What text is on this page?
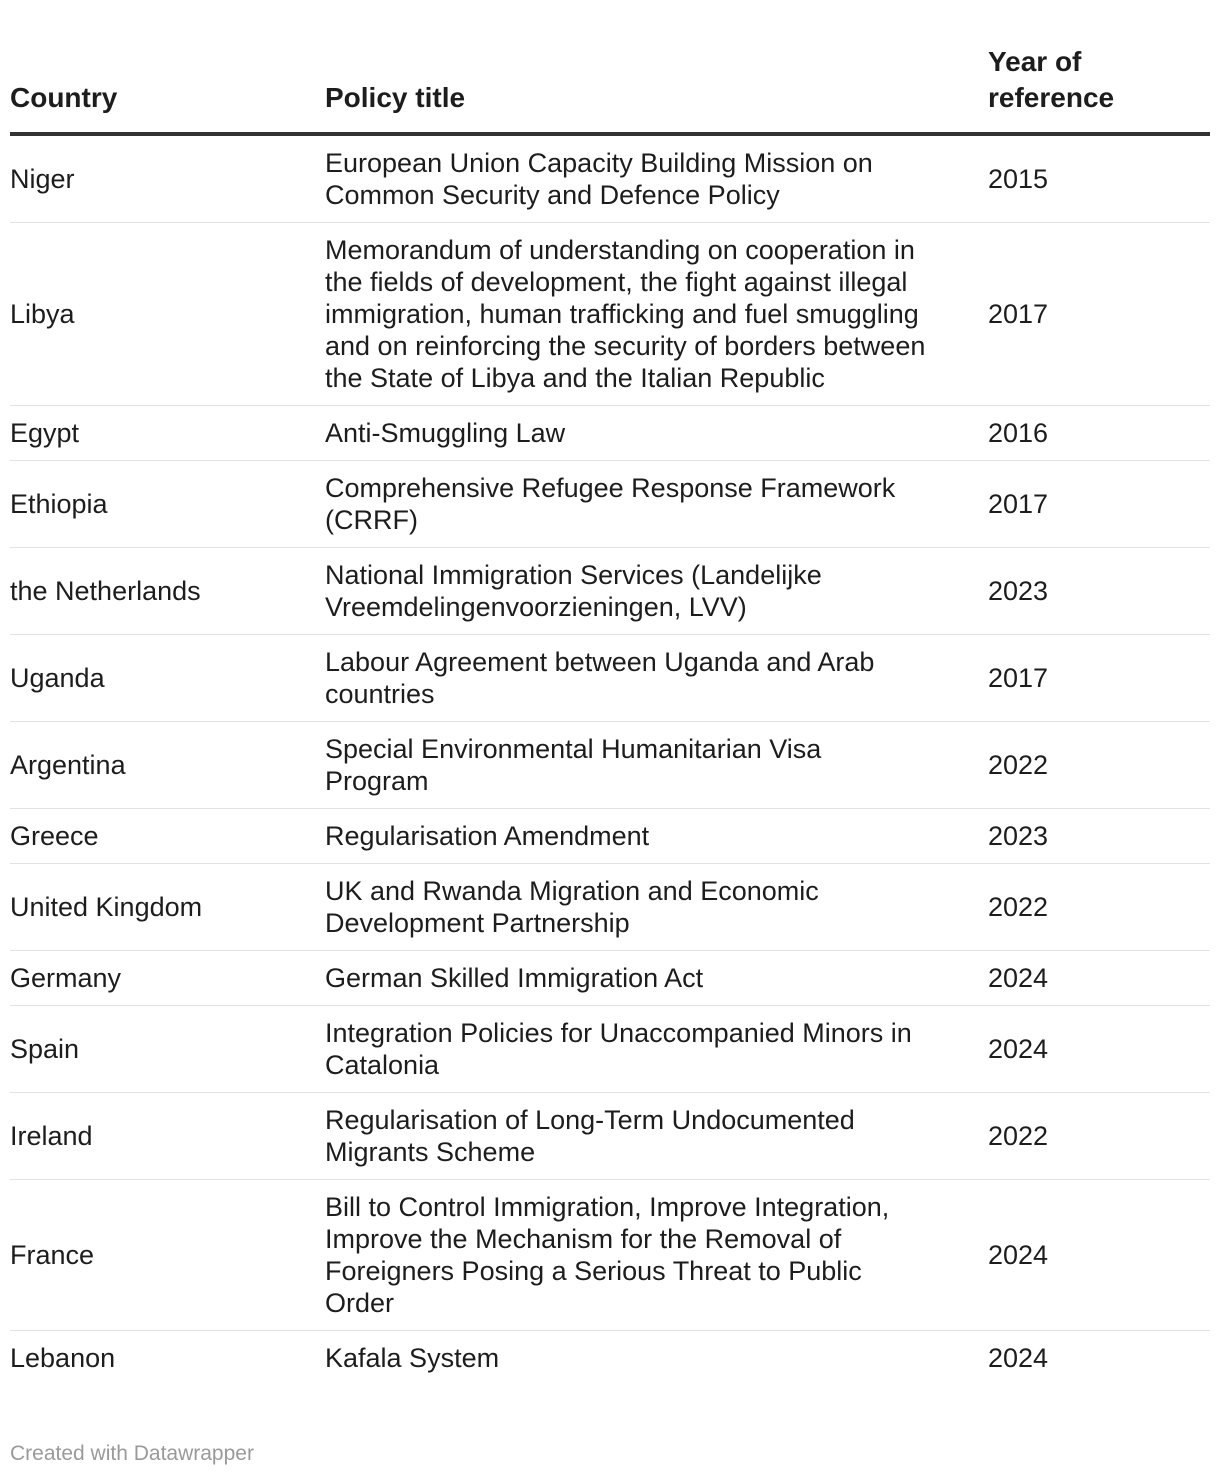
Country	Policy title	Year of
reference
Niger	European Union Capacity Building Mission on Common Security and Defence Policy	2015
Libya	Memorandum of understanding on cooperation in the fields of development, the fight against illegal immigration, human trafficking and fuel smuggling and on reinforcing the security of borders between the State of Libya and the Italian Republic	2017
Egypt	Anti-Smuggling Law	2016
Ethiopia	Comprehensive Refugee Response Framework (CRRF)	2017
the Netherlands	National Immigration Services (Landelijke Vreemdelingenvoorzieningen, LVV)	2023
Uganda	Labour Agreement between Uganda and Arab countries	2017
Argentina	Special Environmental Humanitarian Visa Program	2022
Greece	Regularisation Amendment	2023
United Kingdom	UK and Rwanda Migration and Economic Development Partnership	2022
Germany	German Skilled Immigration Act	2024
Spain	Integration Policies for Unaccompanied Minors in Catalonia	2024
Ireland	Regularisation of Long-Term Undocumented Migrants Scheme	2022
France	Bill to Control Immigration, Improve Integration, Improve the Mechanism for the Removal of Foreigners Posing a Serious Threat to Public Order	2024
Lebanon	Kafala System	2024
Created with Datawrapper
